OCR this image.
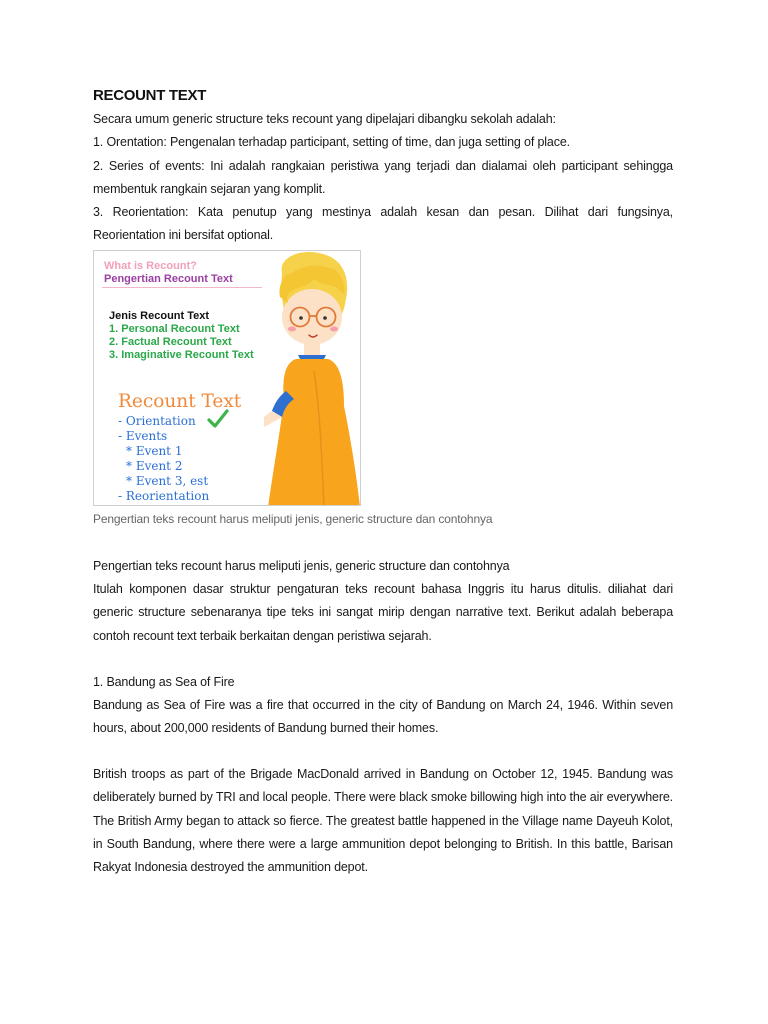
RECOUNT TEXT
Secara umum generic structure teks recount yang dipelajari dibangku sekolah adalah:
1. Orentation: Pengenalan terhadap participant, setting of time, dan juga setting of place.
2. Series of events: Ini adalah rangkaian peristiwa yang terjadi dan dialamai oleh participant sehingga membentuk rangkain sejaran yang komplit.
3. Reorientation: Kata penutup yang mestinya adalah kesan dan pesan. Dilihat dari fungsinya, Reorientation ini bersifat optional.
What is Recount?
Pengertian Recount Text
Jenis Recount Text
1. Personal Recount Text
2. Factual Recount Text
3. Imaginative Recount Text
Recount Text
- Orientation
- Events
* Event 1
* Event 2
* Event 3, est
- Reorientation
Pengertian teks recount harus meliputi jenis, generic structure dan contohnya
Pengertian teks recount harus meliputi jenis, generic structure dan contohnya
Itulah komponen dasar struktur pengaturan teks recount bahasa Inggris itu harus ditulis. diliahat dari generic structure sebenaranya tipe teks ini sangat mirip dengan narrative text. Berikut adalah beberapa contoh recount text terbaik berkaitan dengan peristiwa sejarah.
1. Bandung as Sea of Fire
Bandung as Sea of Fire was a fire that occurred in the city of Bandung on March 24, 1946. Within seven hours, about 200,000 residents of Bandung burned their homes.
British troops as part of the Brigade MacDonald arrived in Bandung on October 12, 1945. Bandung was deliberately burned by TRI and local people. There were black smoke billowing high into the air everywhere. The British Army began to attack so fierce. The greatest battle happened in the Village name Dayeuh Kolot, in South Bandung, where there were a large ammunition depot belonging to British. In this battle, Barisan Rakyat Indonesia destroyed the ammunition depot.
